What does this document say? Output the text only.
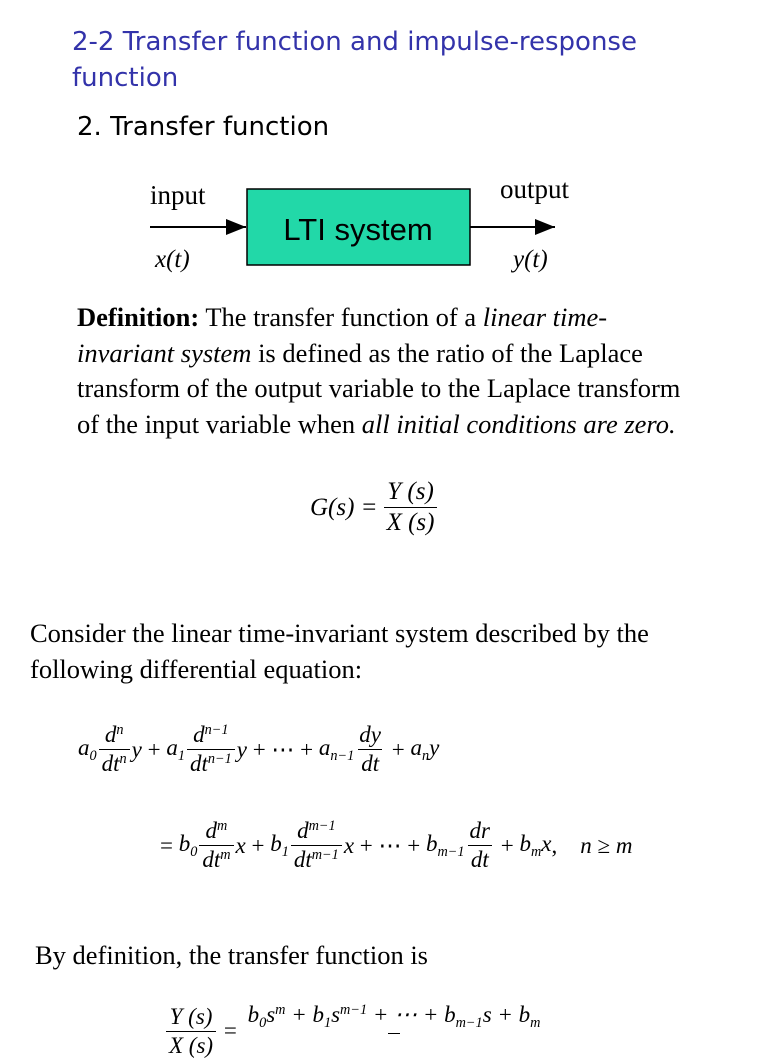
2-2 Transfer function and impulse-response function
2. Transfer function
LTI system
input	output
x(t)	y(t)
Definition: The transfer function of a linear time-invariant system is defined as the ratio of the Laplace transform of the output variable to the Laplace transform of the input variable when all initial conditions are zero.
$G(s) = \frac{Y (s)}{X (s)}$
Consider the linear time-invariant system described by the following differential equation:
$a_0 \frac{d^n}{dt^n}$ $y + a_1 \frac{d^{n-1}}{dt^{n-1}}$ y + ⋯ + $a_{n-1} \frac{dy}{dt} + a_ny$
= $b_0 \frac{d^m}{dt^m}$ $x + b_1 \frac{d^{m-1}}{dt^{m-1}}$ x + ⋯ + $b_{m-1} \frac{dr}{dt} + b_mx$ , n ≥ m
By definition, the transfer function is
$\frac{Y (s)}{X (s)}$ =
$b_0s^m + b_1s^{m-1}$ + ⋯ + $b_{m-1}s + b_m$
